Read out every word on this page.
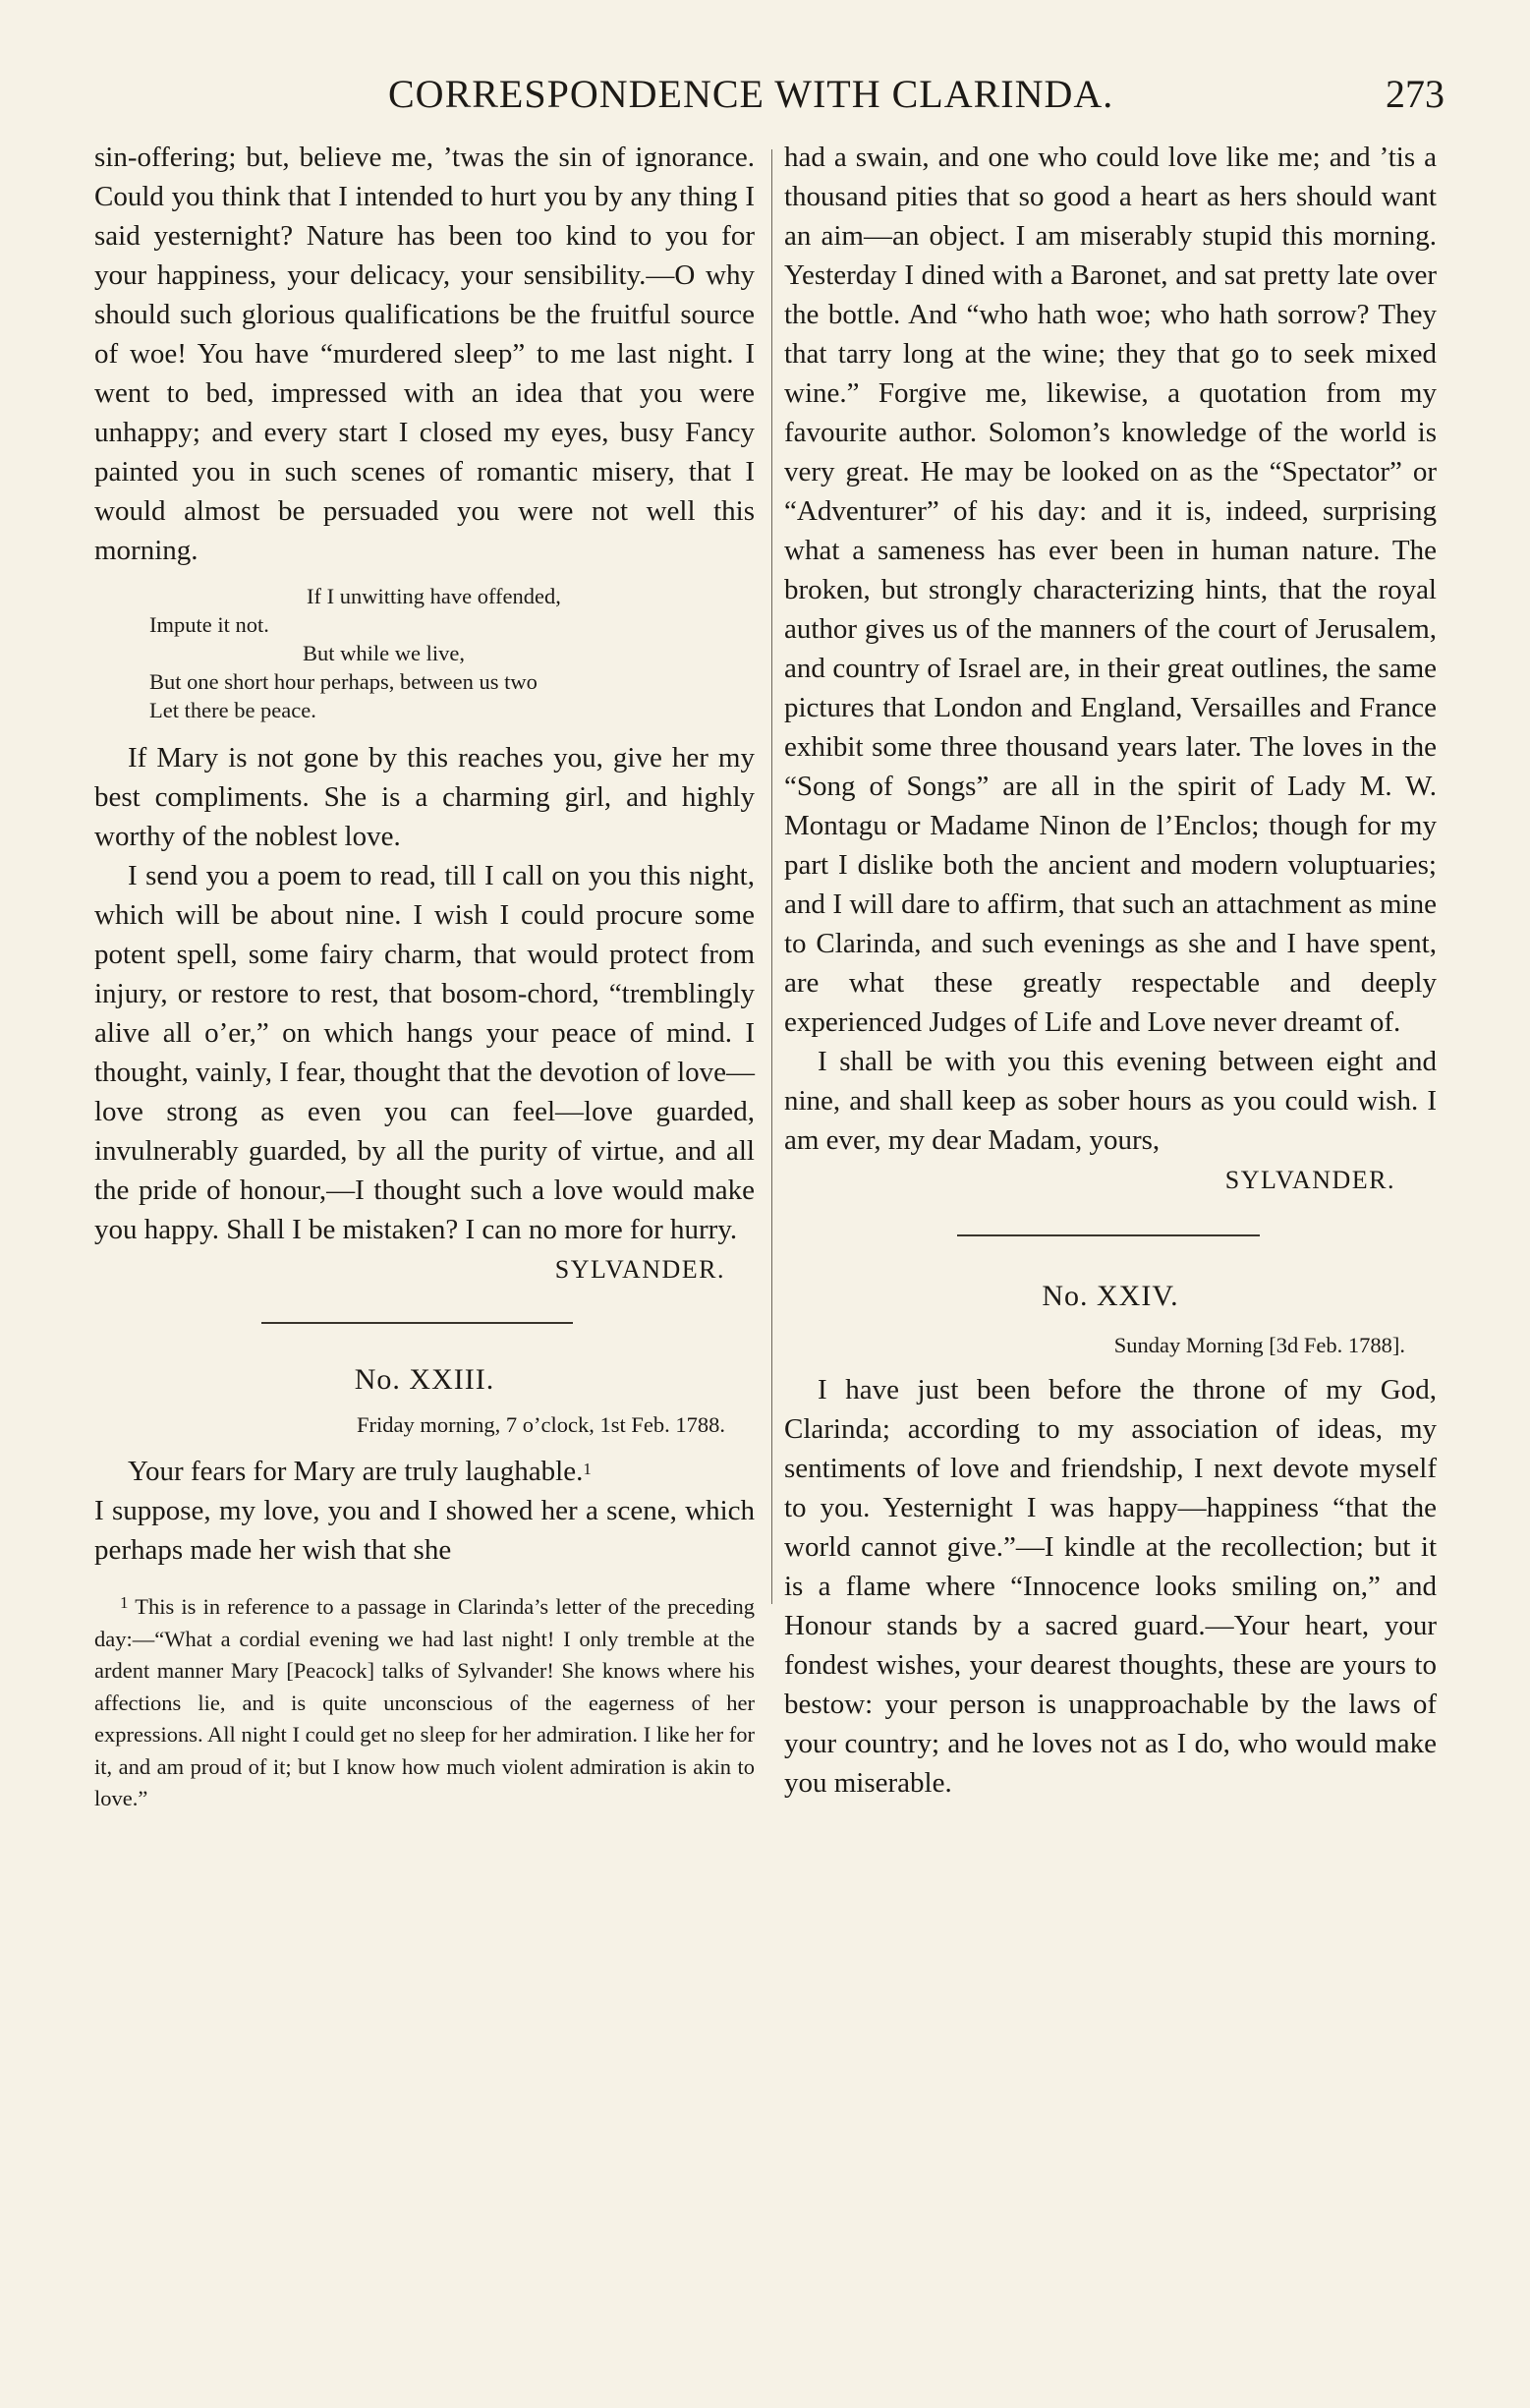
CORRESPONDENCE WITH CLARINDA.	273

sin-offering; but, believe me, ’twas the sin of ignorance. Could you think that I intended to hurt you by any thing I said yesternight? Nature has been too kind to you for your happiness, your delicacy, your sensibility.—O why should such glorious qualifications be the fruitful source of woe! You have “murdered sleep” to me last night. I went to bed, impressed with an idea that you were unhappy; and every start I closed my eyes, busy Fancy painted you in such scenes of romantic misery, that I would almost be persuaded you were not well this morning.

If I unwitting have offended,
Impute it not.
But while we live,
But one short hour perhaps, between us two
Let there be peace.

If Mary is not gone by this reaches you, give her my best compliments. She is a charming girl, and highly worthy of the noblest love.

I send you a poem to read, till I call on you this night, which will be about nine. I wish I could procure some potent spell, some fairy charm, that would protect from injury, or restore to rest, that bosom-chord, “tremblingly alive all o’er,” on which hangs your peace of mind. I thought, vainly, I fear, thought that the devotion of love—love strong as even you can feel—love guarded, invulnerably guarded, by all the purity of virtue, and all the pride of honour,—I thought such a love would make you happy. Shall I be mistaken? I can no more for hurry.

SYLVANDER.
No. XXIII.
Friday morning, 7 o’clock, 1st Feb. 1788.

Your fears for Mary are truly laughable.$^1$

I suppose, my love, you and I showed her a scene, which perhaps made her wish that she

$^1$ This is in reference to a passage in Clarinda’s letter of the preceding day:—“What a cordial evening we had last night! I only tremble at the ardent manner Mary [Peacock] talks of Sylvander! She knows where his affections lie, and is quite unconscious of the eagerness of her expressions. All night I could get no sleep for her admiration. I like her for it, and am proud of it; but I know how much violent admiration is akin to love.”

had a swain, and one who could love like me; and ’tis a thousand pities that so good a heart as hers should want an aim—an object. I am miserably stupid this morning. Yesterday I dined with a Baronet, and sat pretty late over the bottle. And “who hath woe; who hath sorrow? They that tarry long at the wine; they that go to seek mixed wine.” Forgive me, likewise, a quotation from my favourite author. Solomon’s knowledge of the world is very great. He may be looked on as the “Spectator” or “Adventurer” of his day: and it is, indeed, surprising what a sameness has ever been in human nature. The broken, but strongly characterizing hints, that the royal author gives us of the manners of the court of Jerusalem, and country of Israel are, in their great outlines, the same pictures that London and England, Versailles and France exhibit some three thousand years later. The loves in the “Song of Songs” are all in the spirit of Lady M. W. Montagu or Madame Ninon de l’Enclos; though for my part I dislike both the ancient and modern voluptuaries; and I will dare to affirm, that such an attachment as mine to Clarinda, and such evenings as she and I have spent, are what these greatly respectable and deeply experienced Judges of Life and Love never dreamt of.

I shall be with you this evening between eight and nine, and shall keep as sober hours as you could wish. I am ever, my dear Madam, yours,

SYLVANDER.
No. XXIV.
Sunday Morning [3d Feb. 1788].

I have just been before the throne of my God, Clarinda; according to my association of ideas, my sentiments of love and friendship, I next devote myself to you. Yesternight I was happy—happiness “that the world cannot give.”—I kindle at the recollection; but it is a flame where “Innocence looks smiling on,” and Honour stands by a sacred guard.—Your heart, your fondest wishes, your dearest thoughts, these are yours to bestow: your person is unapproachable by the laws of your country; and he loves not as I do, who would make you miserable.
